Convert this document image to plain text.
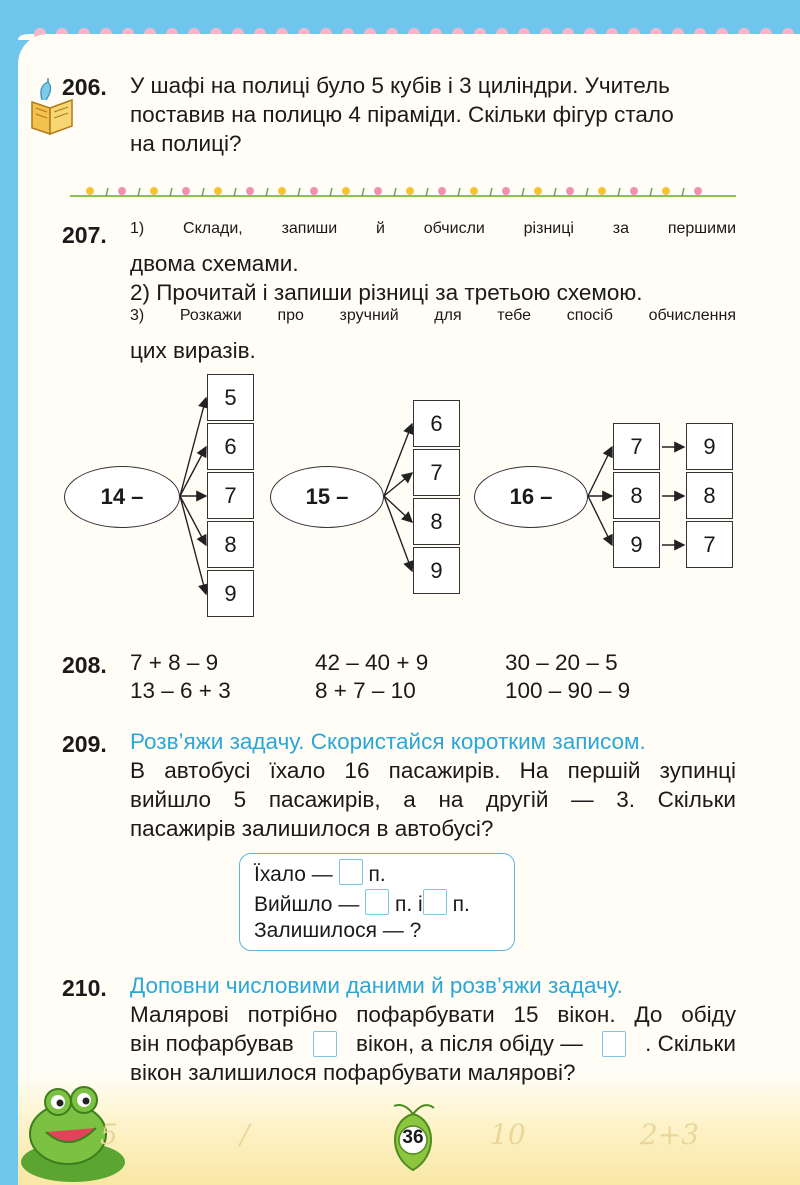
206. У шафі на полиці було 5 кубів і 3 циліндри. Учитель
поставив на полицю 4 піраміди. Скільки фігур стало
на полиці?
207. 1) Склади, запиши й обчисли різниці за першими
двома схемами.
2) Прочитай і запиши різниці за третьою схемою.
3) Розкажи про зручний для тебе спосіб обчислення
цих виразів.
14 –
5
6
7
8
9
15 –
6
7
8
9
16 –
7
8
9
9
8
7
208. 7 + 8 – 9	42 – 40 + 9	30 – 20 – 5
13 – 6 + 3	8 + 7 – 10	100 – 90 – 9
209. Розв’яжи задачу. Скористайся коротким записом.
В автобусі їхало 16 пасажирів. На першій зупинці
вийшло 5 пасажирів, а на другій — 3. Скільки
пасажирів залишилося в автобусі?
Їхало — п.
Вийшло — п. і п.
Залишилося — ?
210. Доповни числовими даними й розв’яжи задачу.
Малярові потрібно пофарбувати 15 вікон. До обіду
він пофарбував	вікон, а після обіду —	. Скільки
вікон залишилося пофарбувати малярові?
5	/	10	2+3
36
